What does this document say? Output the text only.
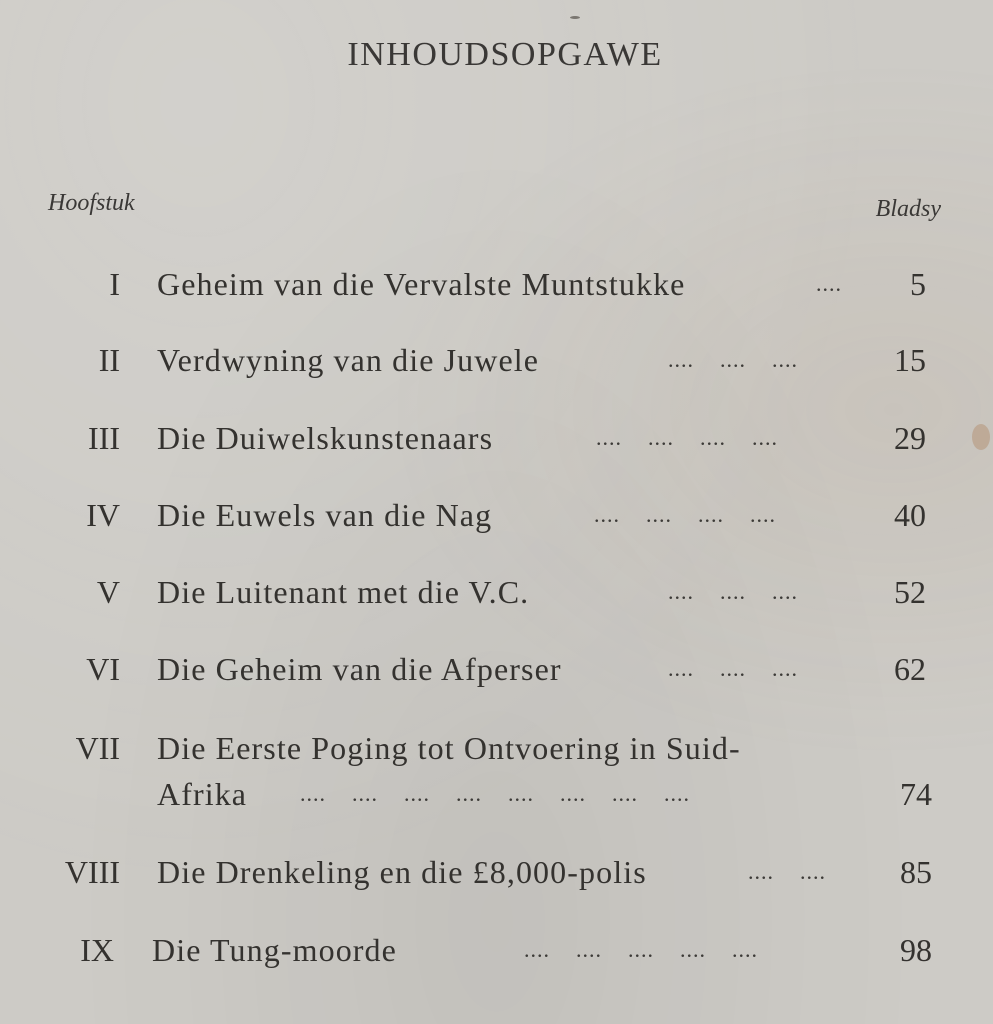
INHOUDSOPGAWE
Hoofstuk	Bladsy
I Geheim van die Vervalste Muntstukke	....	5
II Verdwyning van die Juwele	....    ....    ....	15
III Die Duiwelskunstenaars	....    ....    ....    ....	29
IV Die Euwels van die Nag	....    ....    ....    ....	40
V Die Luitenant met die V.C.	....    ....    ....	52
VI Die Geheim van die Afperser	....    ....    ....	62
VII Die Eerste Poging tot Ontvoering in Suid-
Afrika ....    ....    ....    ....    ....    ....    ....    ....	74
VIII Die Drenkeling en die £8,000-polis	....    ....	85
IX Die Tung-moorde	....    ....    ....    ....    ....	98
